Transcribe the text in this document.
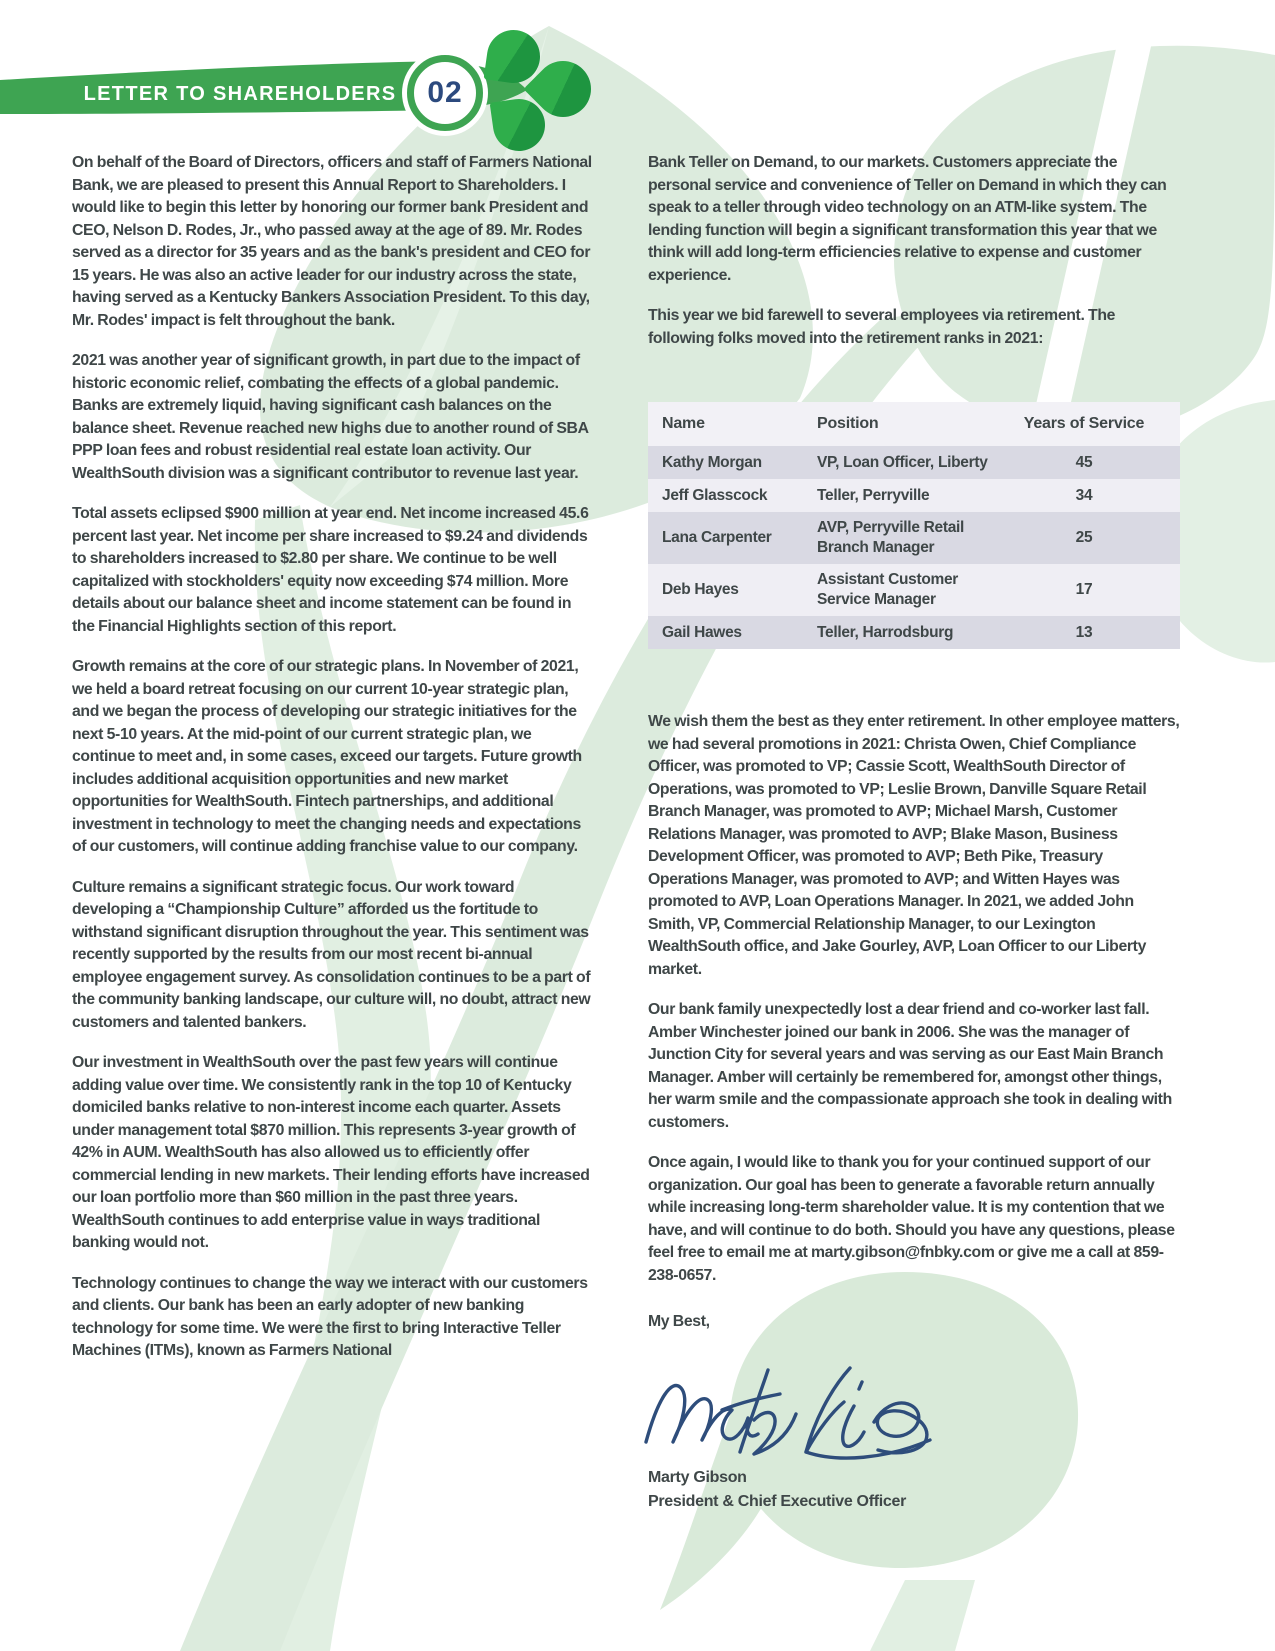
LETTER TO SHAREHOLDERS 02

On behalf of the Board of Directors, officers and staff of Farmers National Bank, we are pleased to present this Annual Report to Shareholders. I would like to begin this letter by honoring our former bank President and CEO, Nelson D. Rodes, Jr., who passed away at the age of 89. Mr. Rodes served as a director for 35 years and as the bank's president and CEO for 15 years. He was also an active leader for our industry across the state, having served as a Kentucky Bankers Association President. To this day, Mr. Rodes' impact is felt throughout the bank.

2021 was another year of significant growth, in part due to the impact of historic economic relief, combating the effects of a global pandemic. Banks are extremely liquid, having significant cash balances on the balance sheet. Revenue reached new highs due to another round of SBA PPP loan fees and robust residential real estate loan activity. Our WealthSouth division was a significant contributor to revenue last year.

Total assets eclipsed $900 million at year end. Net income increased 45.6 percent last year. Net income per share increased to $9.24 and dividends to shareholders increased to $2.80 per share. We continue to be well capitalized with stockholders' equity now exceeding $74 million. More details about our balance sheet and income statement can be found in the Financial Highlights section of this report.

Growth remains at the core of our strategic plans. In November of 2021, we held a board retreat focusing on our current 10-year strategic plan, and we began the process of developing our strategic initiatives for the next 5-10 years. At the mid-point of our current strategic plan, we continue to meet and, in some cases, exceed our targets. Future growth includes additional acquisition opportunities and new market opportunities for WealthSouth. Fintech partnerships, and additional investment in technology to meet the changing needs and expectations of our customers, will continue adding franchise value to our company.

Culture remains a significant strategic focus. Our work toward developing a “Championship Culture” afforded us the fortitude to withstand significant disruption throughout the year. This sentiment was recently supported by the results from our most recent bi-annual employee engagement survey. As consolidation continues to be a part of the community banking landscape, our culture will, no doubt, attract new customers and talented bankers.

Our investment in WealthSouth over the past few years will continue adding value over time. We consistently rank in the top 10 of Kentucky domiciled banks relative to non-interest income each quarter. Assets under management total $870 million. This represents 3-year growth of 42% in AUM. WealthSouth has also allowed us to efficiently offer commercial lending in new markets. Their lending efforts have increased our loan portfolio more than $60 million in the past three years. WealthSouth continues to add enterprise value in ways traditional banking would not.

Technology continues to change the way we interact with our customers and clients. Our bank has been an early adopter of new banking technology for some time. We were the first to bring Interactive Teller Machines (ITMs), known as Farmers National

Bank Teller on Demand, to our markets. Customers appreciate the personal service and convenience of Teller on Demand in which they can speak to a teller through video technology on an ATM-like system. The lending function will begin a significant transformation this year that we think will add long-term efficiencies relative to expense and customer experience.

This year we bid farewell to several employees via retirement. The following folks moved into the retirement ranks in 2021:

Name	Position	Years of Service
Kathy Morgan	VP, Loan Officer, Liberty	45
Jeff Glasscock	Teller, Perryville	34
Lana Carpenter	AVP, Perryville Retail Branch Manager	25
Deb Hayes	Assistant Customer Service Manager	17
Gail Hawes	Teller, Harrodsburg	13

We wish them the best as they enter retirement. In other employee matters, we had several promotions in 2021: Christa Owen, Chief Compliance Officer, was promoted to VP; Cassie Scott, WealthSouth Director of Operations, was promoted to VP; Leslie Brown, Danville Square Retail Branch Manager, was promoted to AVP; Michael Marsh, Customer Relations Manager, was promoted to AVP; Blake Mason, Business Development Officer, was promoted to AVP; Beth Pike, Treasury Operations Manager, was promoted to AVP; and Witten Hayes was promoted to AVP, Loan Operations Manager. In 2021, we added John Smith, VP, Commercial Relationship Manager, to our Lexington WealthSouth office, and Jake Gourley, AVP, Loan Officer to our Liberty market.

Our bank family unexpectedly lost a dear friend and co-worker last fall. Amber Winchester joined our bank in 2006. She was the manager of Junction City for several years and was serving as our East Main Branch Manager. Amber will certainly be remembered for, amongst other things, her warm smile and the compassionate approach she took in dealing with customers.

Once again, I would like to thank you for your continued support of our organization. Our goal has been to generate a favorable return annually while increasing long-term shareholder value. It is my contention that we have, and will continue to do both. Should you have any questions, please feel free to email me at marty.gibson@fnbky.com or give me a call at 859-238-0657.

My Best,

Marty Gibson
President & Chief Executive Officer
